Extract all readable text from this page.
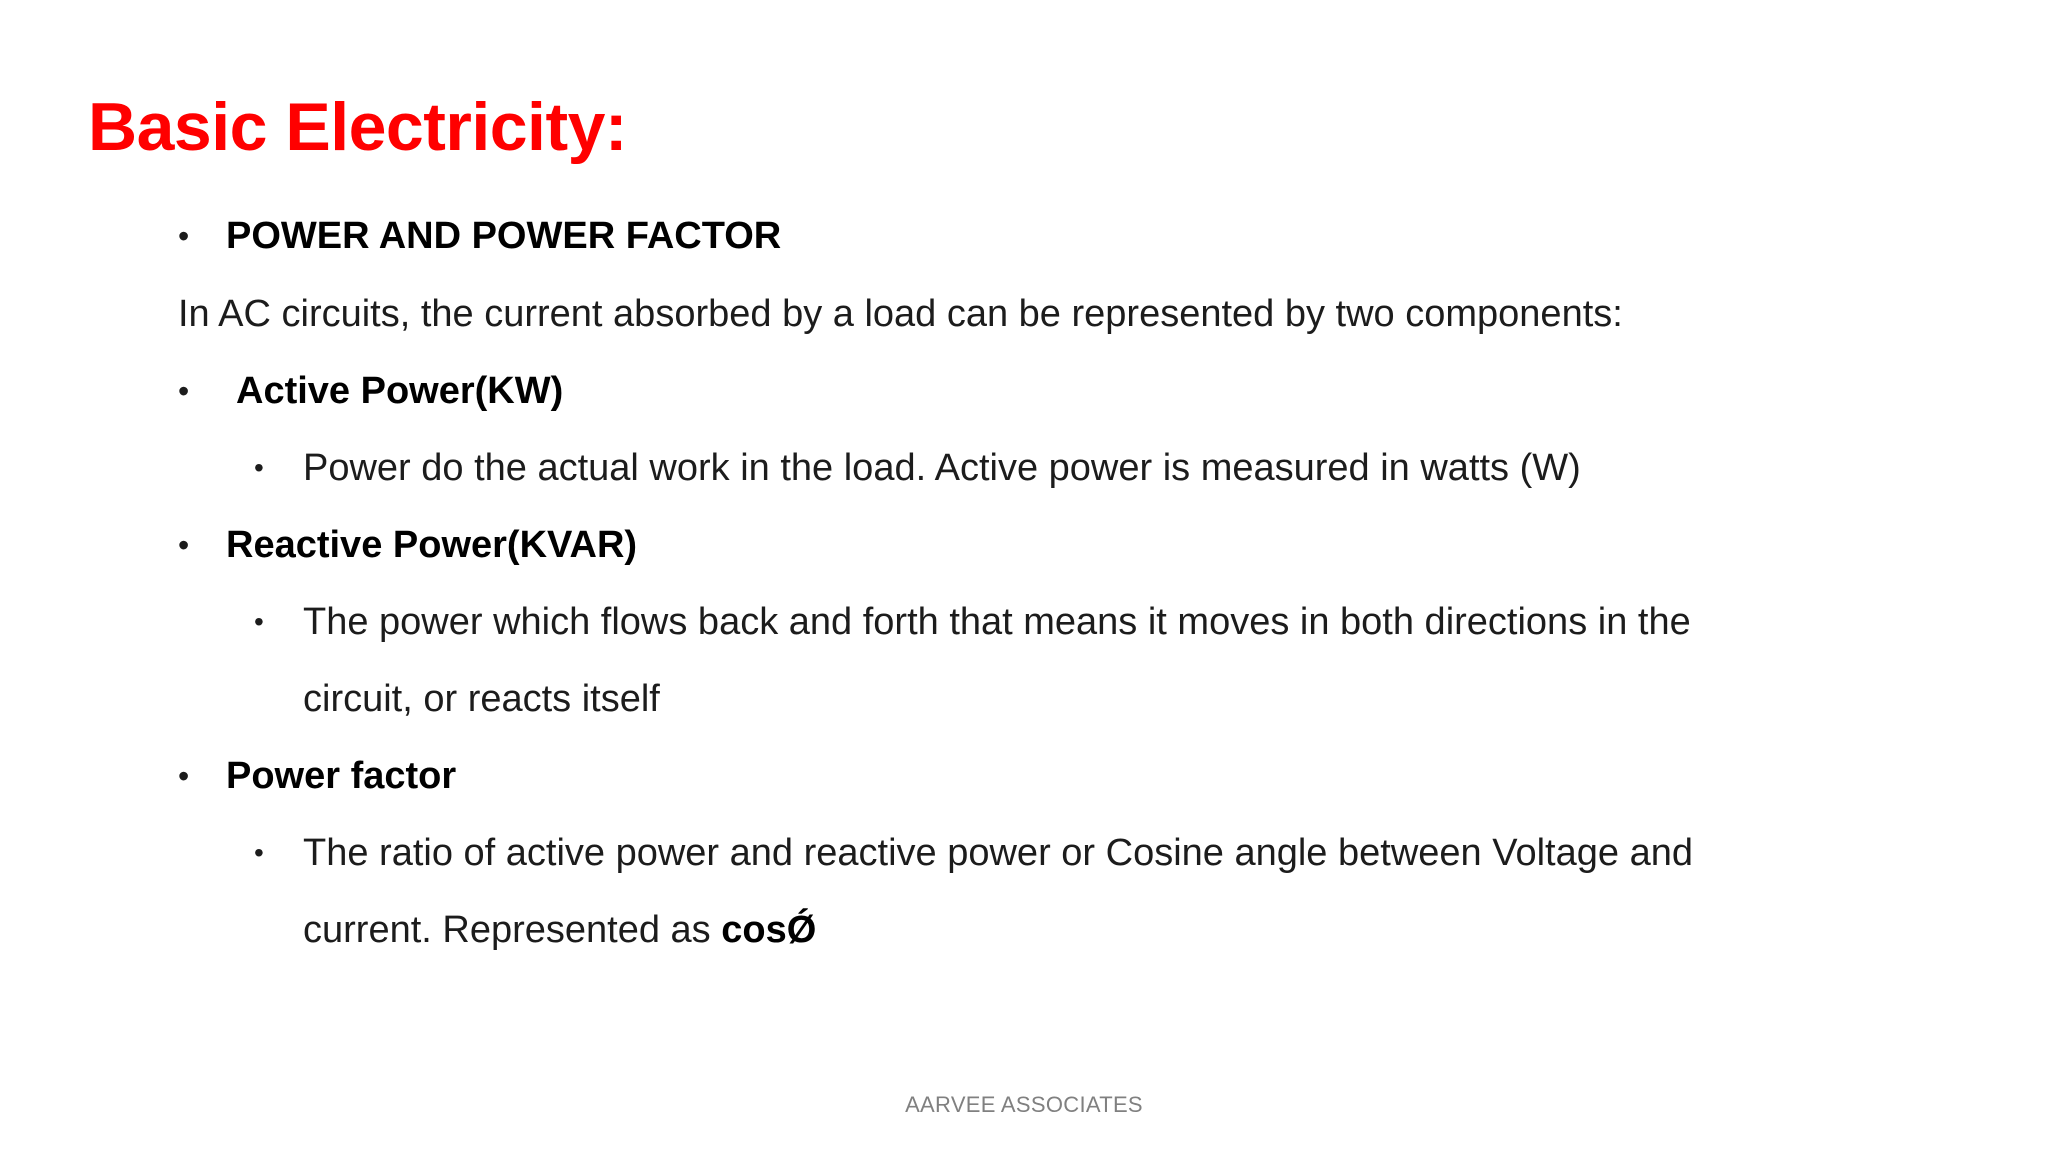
Basic Electricity:
• POWER AND POWER FACTOR
In AC circuits, the current absorbed by a load can be represented by two components:
• Active Power(KW)
• Power do the actual work in the load. Active power is measured in watts (W)
• Reactive Power(KVAR)
• The power which flows back and forth that means it moves in both directions in the
circuit, or reacts itself
• Power factor
• The ratio of active power and reactive power or Cosine angle between Voltage and
current. Represented as cosǾ
AARVEE ASSOCIATES
